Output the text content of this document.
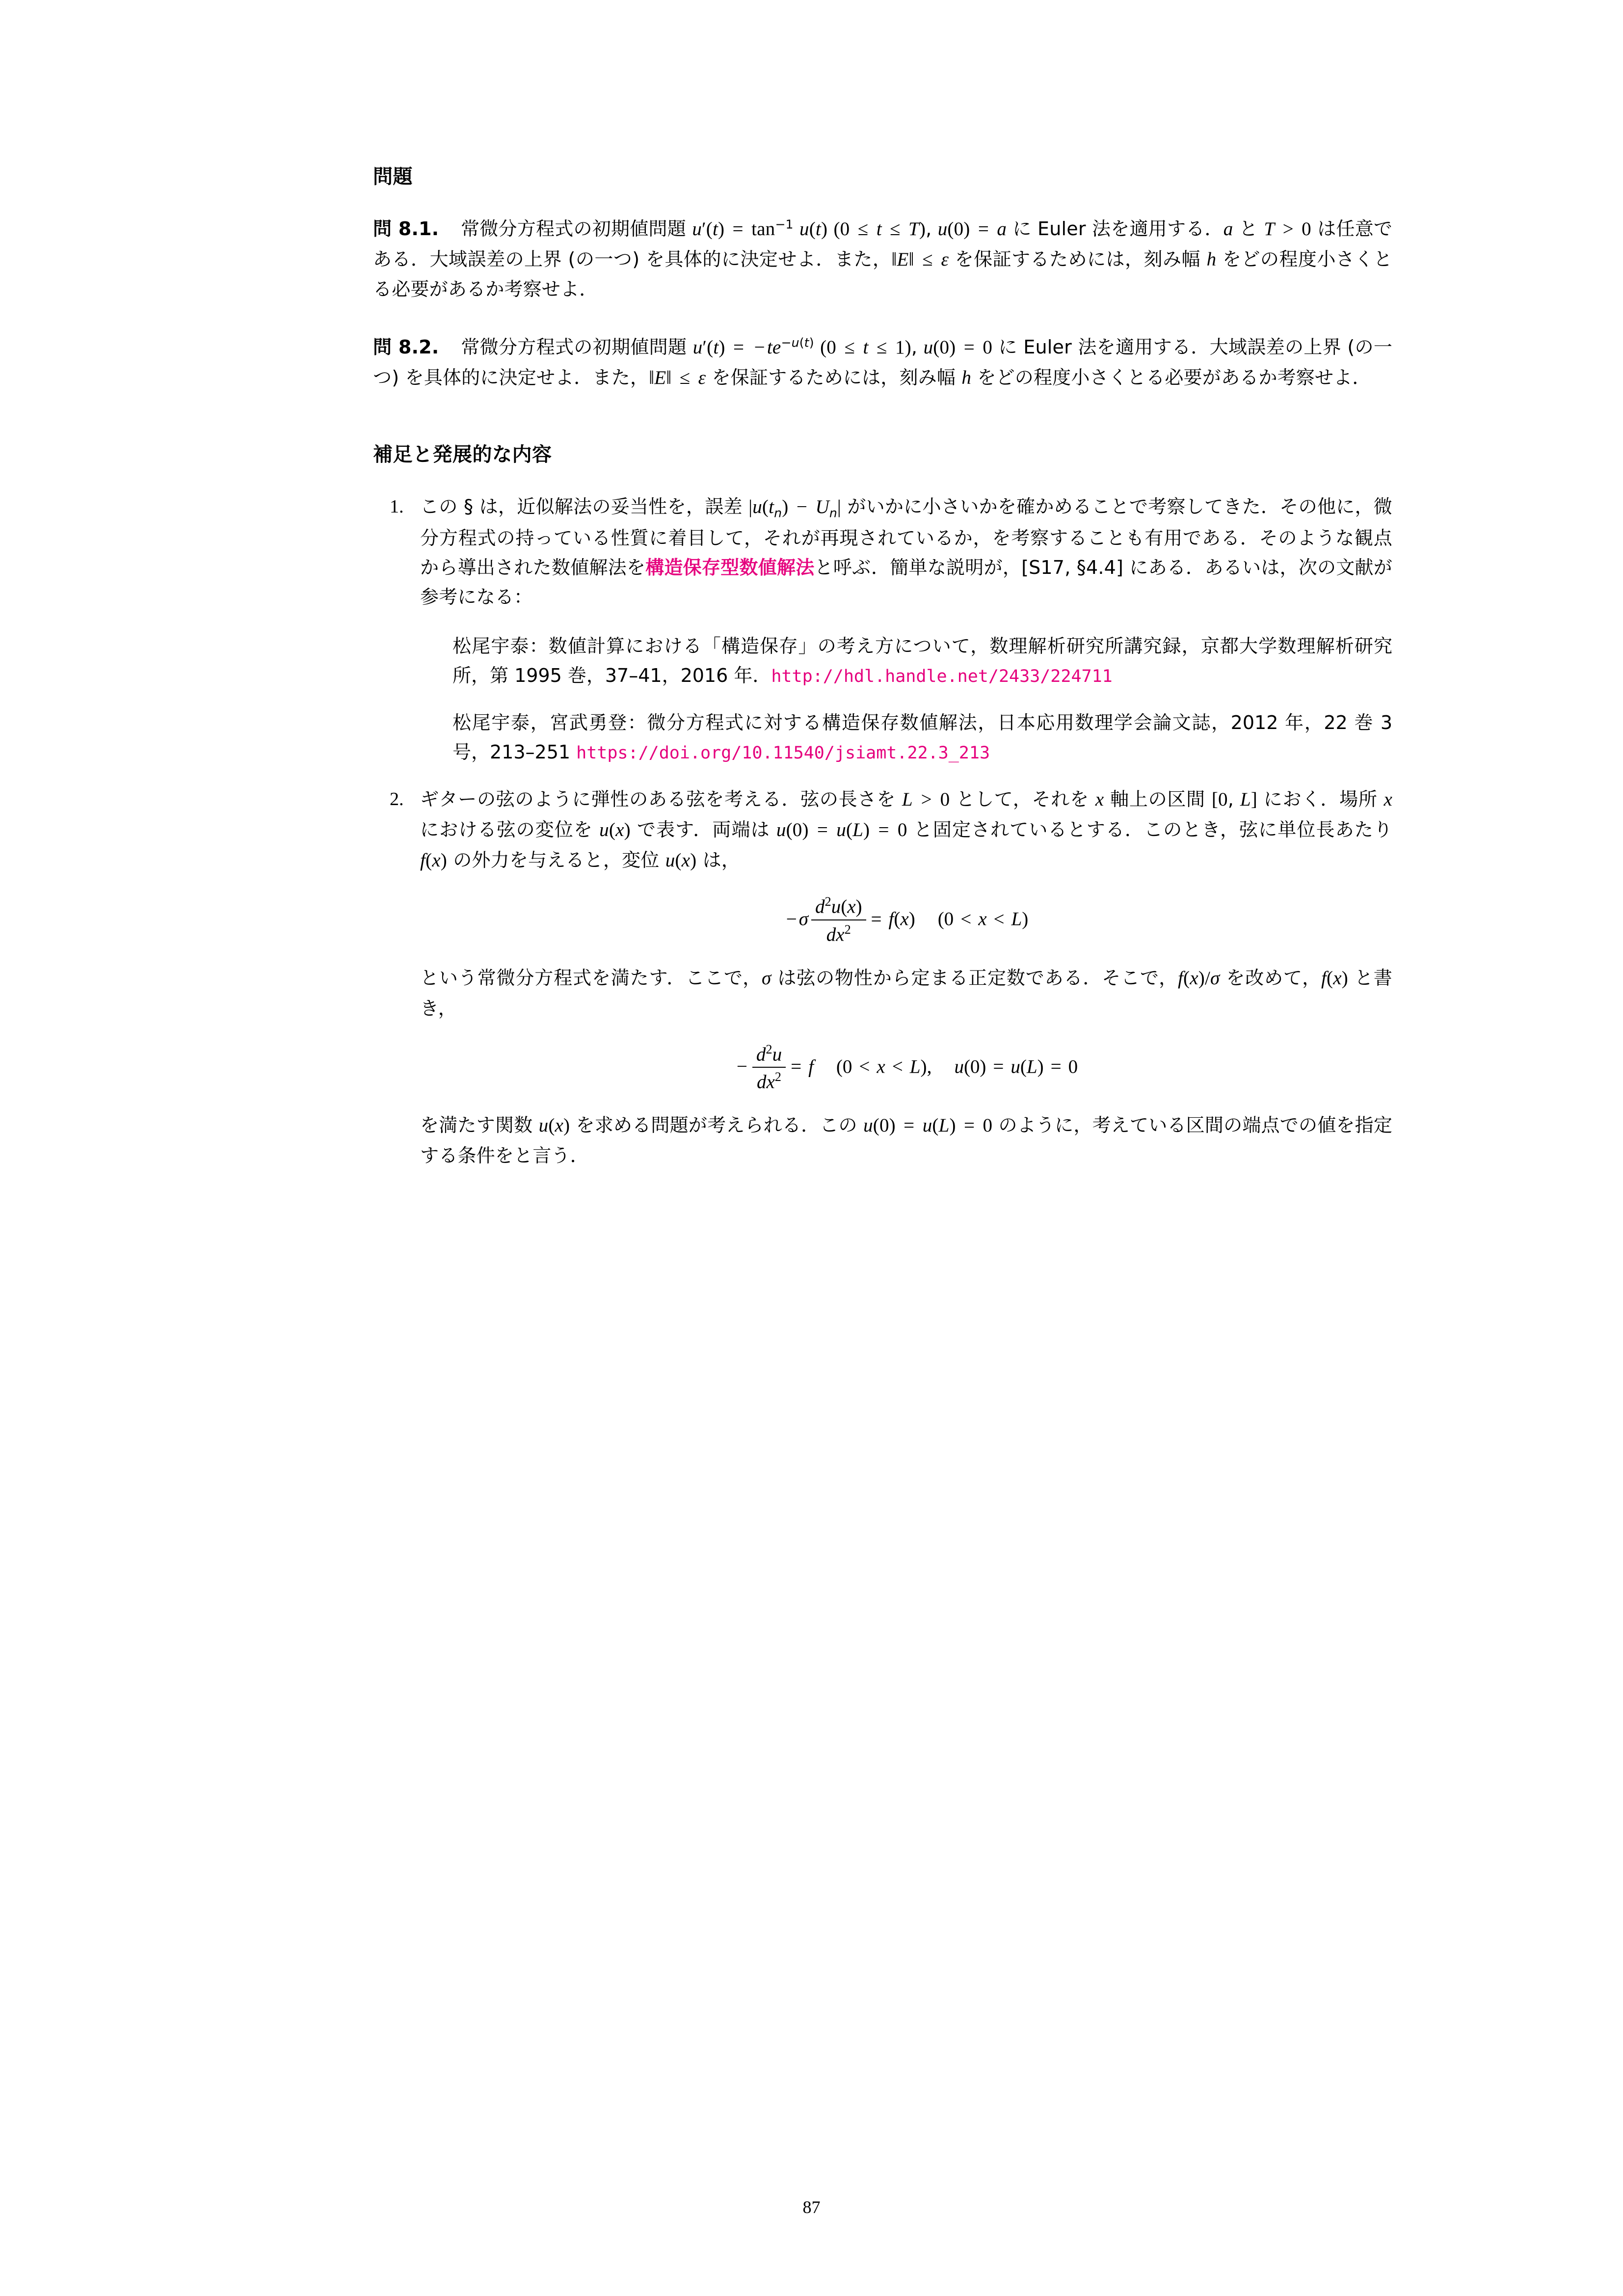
問題

問 8.1.  常微分方程式の初期値問題 $u'(t) = \tan^{-1} u(t) (0 \le t \le T)$, u(0) = a に Euler 法を適用する．a と T > 0 は任意である．大域誤差の上界 (の一つ) を具体的に決定せよ．また，‖E‖ ≤ ε を保証するためには，刻み幅 h をどの程度小さくとる必要があるか考察せよ．

問 8.2.  常微分方程式の初期値問題 u′(t) = − $te^{-u(t)}$ (0 ≤ t ≤ 1), u(0) = 0 に Euler 法を適用する．大域誤差の上界 (の一つ) を具体的に決定せよ．また，‖E‖ ≤ ε を保証するためには，刻み幅 h をどの程度小さくとる必要があるか考察せよ．

補足と発展的な内容

この § は，近似解法の妥当性を，誤差 $|u(t_n) - U_n|$ がいかに小さいかを確かめることで考察してきた．その他に，微分方程式の持っている性質に着目して，それが再現されているか，を考察することも有用である．そのような観点から導出された数値解法を構造保存型数値解法と呼ぶ．簡単な説明が，[S17, §4.4] にある．あるいは，次の文献が参考になる：

松尾宇泰：数値計算における「構造保存」の考え方について，数理解析研究所講究録，京都大学数理解析研究所，第 1995 巻，37–41，2016 年．http://hdl.handle.net/2433/224711

松尾宇泰，宮武勇登：微分方程式に対する構造保存数値解法，日本応用数理学会論文誌，2012 年，22 巻 3 号，213–251 https://doi.org/10.11540/jsiamt.22.3_213

ギターの弦のように弾性のある弦を考える．弦の長さを L > 0 として，それを x 軸上の区間 [0, L] におく．場所 x における弦の変位を u(x) で表す．両端は u(0) = u(L) = 0 と固定されているとする．このとき，弦に単位長あたり f(x) の外力を与えると，変位 u(x) は，

− σ $\frac{d^2u(x)}{dx^2} = f(x) (0 < x < L)$

という常微分方程式を満たす．ここで，σ は弦の物性から定まる正定数である．そこで，f(x)/σ を改めて，f(x) と書き，

− $\frac{d^2u}{dx^2} = f$ (0 < x < L), u(0) = u(L) = 0

を満たす関数 u(x) を求める問題が考えられる．この u(0) = u(L) = 0 のように，考えている区間の端点での値を指定する条件をと言う．

87
